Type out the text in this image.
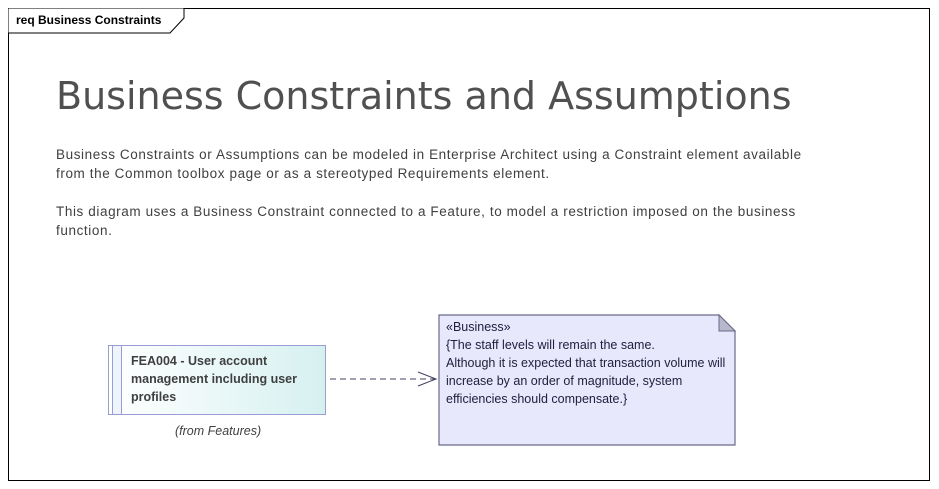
req Business Constraints
Business Constraints and Assumptions
Business Constraints or Assumptions can be modeled in Enterprise Architect using a Constraint element available from the Common toolbox page or as a stereotyped Requirements element.
This diagram uses a Business Constraint connected to a Feature, to model a restriction imposed on the business function.
FEA004 - User account management including user profiles
(from Features)
«Business»
{The staff levels will remain the same.
Although it is expected that transaction volume will
increase by an order of magnitude, system
efficiencies should compensate.}
